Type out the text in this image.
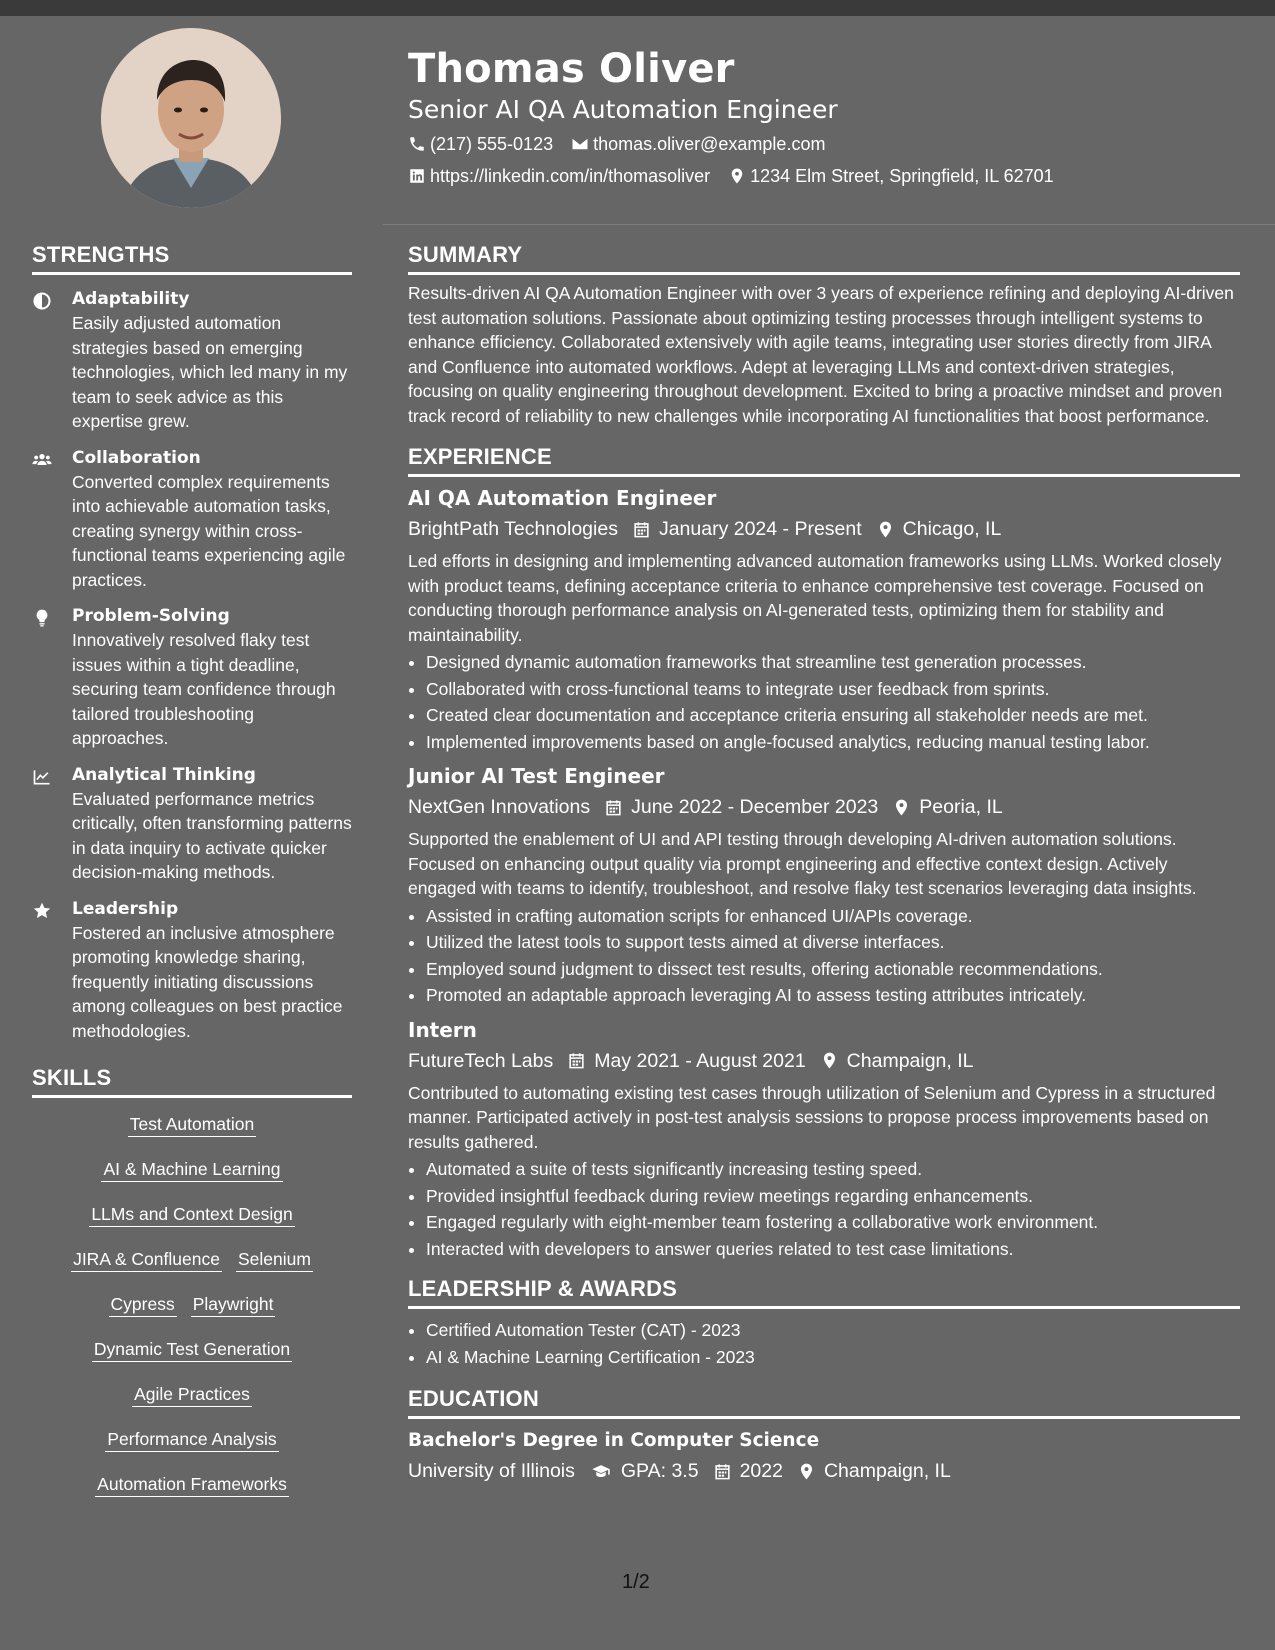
Thomas Oliver
Senior AI QA Automation Engineer
(217) 555-0123 thomas.oliver@example.com
https://linkedin.com/in/thomasoliver 1234 Elm Street, Springfield, IL 62701
STRENGTHS
Adaptability
Easily adjusted automation strategies based on emerging technologies, which led many in my team to seek advice as this expertise grew.
Collaboration
Converted complex requirements into achievable automation tasks, creating synergy within cross-functional teams experiencing agile practices.
Problem-Solving
Innovatively resolved flaky test issues within a tight deadline, securing team confidence through tailored troubleshooting approaches.
Analytical Thinking
Evaluated performance metrics critically, often transforming patterns in data inquiry to activate quicker decision-making methods.
Leadership
Fostered an inclusive atmosphere promoting knowledge sharing, frequently initiating discussions among colleagues on best practice methodologies.
SKILLS
Test Automation
AI & Machine Learning
LLMs and Context Design
JIRA & Confluence Selenium
Cypress Playwright
Dynamic Test Generation
Agile Practices
Performance Analysis
Automation Frameworks
SUMMARY
Results-driven AI QA Automation Engineer with over 3 years of experience refining and deploying AI-driven test automation solutions. Passionate about optimizing testing processes through intelligent systems to enhance efficiency. Collaborated extensively with agile teams, integrating user stories directly from JIRA and Confluence into automated workflows. Adept at leveraging LLMs and context-driven strategies, focusing on quality engineering throughout development. Excited to bring a proactive mindset and proven track record of reliability to new challenges while incorporating AI functionalities that boost performance.
EXPERIENCE
AI QA Automation Engineer
BrightPath Technologies January 2024 - Present Chicago, IL
Led efforts in designing and implementing advanced automation frameworks using LLMs. Worked closely with product teams, defining acceptance criteria to enhance comprehensive test coverage. Focused on conducting thorough performance analysis on AI-generated tests, optimizing them for stability and maintainability.
• Designed dynamic automation frameworks that streamline test generation processes.
• Collaborated with cross-functional teams to integrate user feedback from sprints.
• Created clear documentation and acceptance criteria ensuring all stakeholder needs are met.
• Implemented improvements based on angle-focused analytics, reducing manual testing labor.
Junior AI Test Engineer
NextGen Innovations June 2022 - December 2023 Peoria, IL
Supported the enablement of UI and API testing through developing AI-driven automation solutions. Focused on enhancing output quality via prompt engineering and effective context design. Actively engaged with teams to identify, troubleshoot, and resolve flaky test scenarios leveraging data insights.
• Assisted in crafting automation scripts for enhanced UI/APIs coverage.
• Utilized the latest tools to support tests aimed at diverse interfaces.
• Employed sound judgment to dissect test results, offering actionable recommendations.
• Promoted an adaptable approach leveraging AI to assess testing attributes intricately.
Intern
FutureTech Labs May 2021 - August 2021 Champaign, IL
Contributed to automating existing test cases through utilization of Selenium and Cypress in a structured manner. Participated actively in post-test analysis sessions to propose process improvements based on results gathered.
• Automated a suite of tests significantly increasing testing speed.
• Provided insightful feedback during review meetings regarding enhancements.
• Engaged regularly with eight-member team fostering a collaborative work environment.
• Interacted with developers to answer queries related to test case limitations.
LEADERSHIP & AWARDS
• Certified Automation Tester (CAT) - 2023
• AI & Machine Learning Certification - 2023
EDUCATION
Bachelor's Degree in Computer Science
University of Illinois GPA: 3.5 2022 Champaign, IL
1/2
